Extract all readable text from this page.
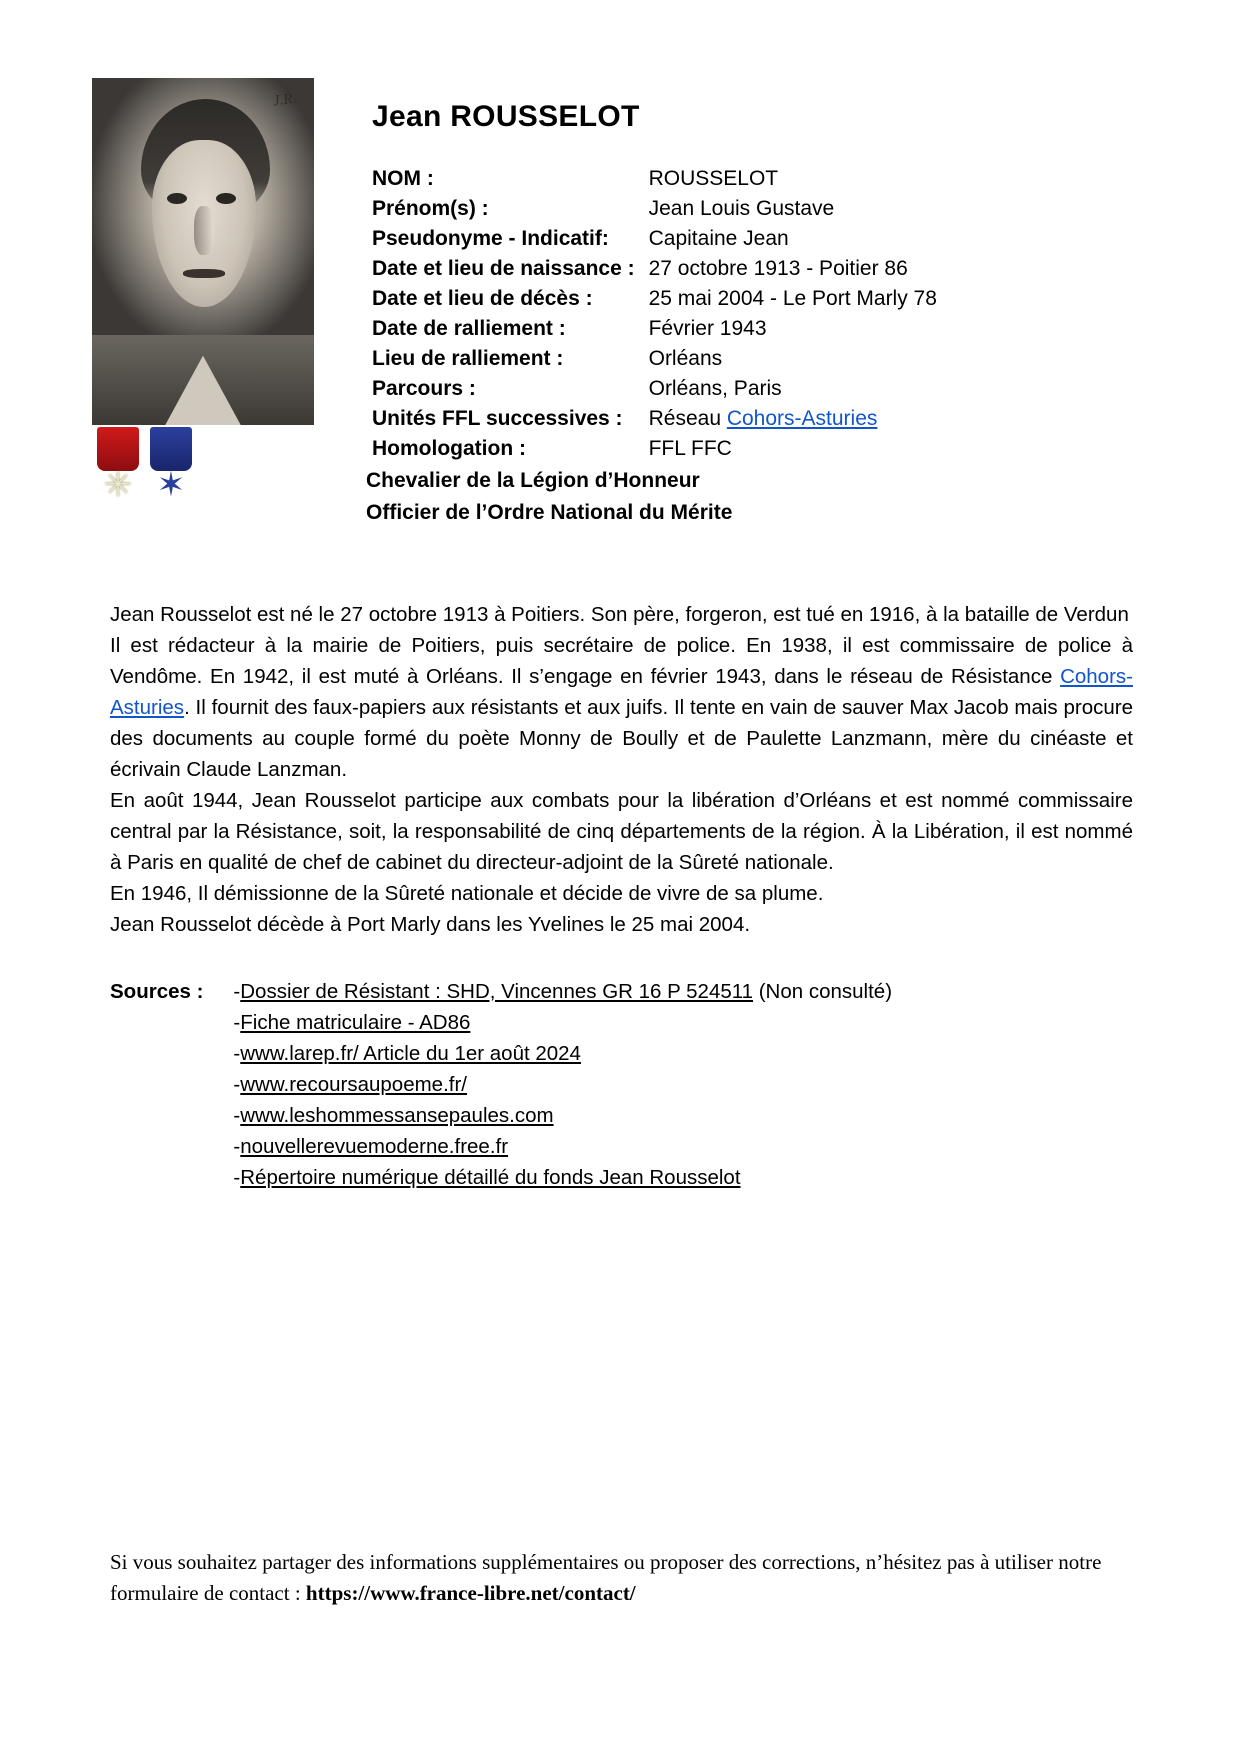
J.R.
✳ ✶
Jean ROUSSELOT
NOM :	ROUSSELOT
Prénom(s) :	Jean Louis Gustave
Pseudonyme - Indicatif:	Capitaine Jean
Date et lieu de naissance :	27 octobre 1913 - Poitier 86
Date et lieu de décès :	25 mai 2004 - Le Port Marly 78
Date de ralliement :	Février 1943
Lieu de ralliement :	Orléans
Parcours :	Orléans, Paris
Unités FFL successives :	Réseau Cohors-Asturies
Homologation :	FFL FFC
Chevalier de la Légion d’Honneur
Officier de l’Ordre National du Mérite

Jean Rousselot est né le 27 octobre 1913 à Poitiers. Son père, forgeron, est tué en 1916, à la bataille de Verdun

Il est rédacteur à la mairie de Poitiers, puis secrétaire de police. En 1938, il est commissaire de police à Vendôme. En 1942, il est muté à Orléans. Il s’engage en février 1943, dans le réseau de Résistance Cohors-Asturies. Il fournit des faux-papiers aux résistants et aux juifs. Il tente en vain de sauver Max Jacob mais procure des documents au couple formé du poète Monny de Boully et de Paulette Lanzmann, mère du cinéaste et écrivain Claude Lanzman.

En août 1944, Jean Rousselot participe aux combats pour la libération d’Orléans et est nommé commissaire central par la Résistance, soit, la responsabilité de cinq départements de la région. À la Libération, il est nommé à Paris en qualité de chef de cabinet du directeur-adjoint de la Sûreté nationale.

En 1946, Il démissionne de la Sûreté nationale et décide de vivre de sa plume.

Jean Rousselot décède à Port Marly dans les Yvelines le 25 mai 2004.

Sources :	-Dossier de Résistant : SHD, Vincennes GR 16 P 524511 (Non consulté)
-Fiche matriculaire - AD86
-www.larep.fr/ Article du 1er août 2024
-www.recoursaupoeme.fr/
-www.leshommessansepaules.com
-nouvellerevuemoderne.free.fr
-Répertoire numérique détaillé du fonds Jean Rousselot
Si vous souhaitez partager des informations supplémentaires ou proposer des corrections, n’hésitez pas à utiliser notre formulaire de contact : https://www.france-libre.net/contact/
